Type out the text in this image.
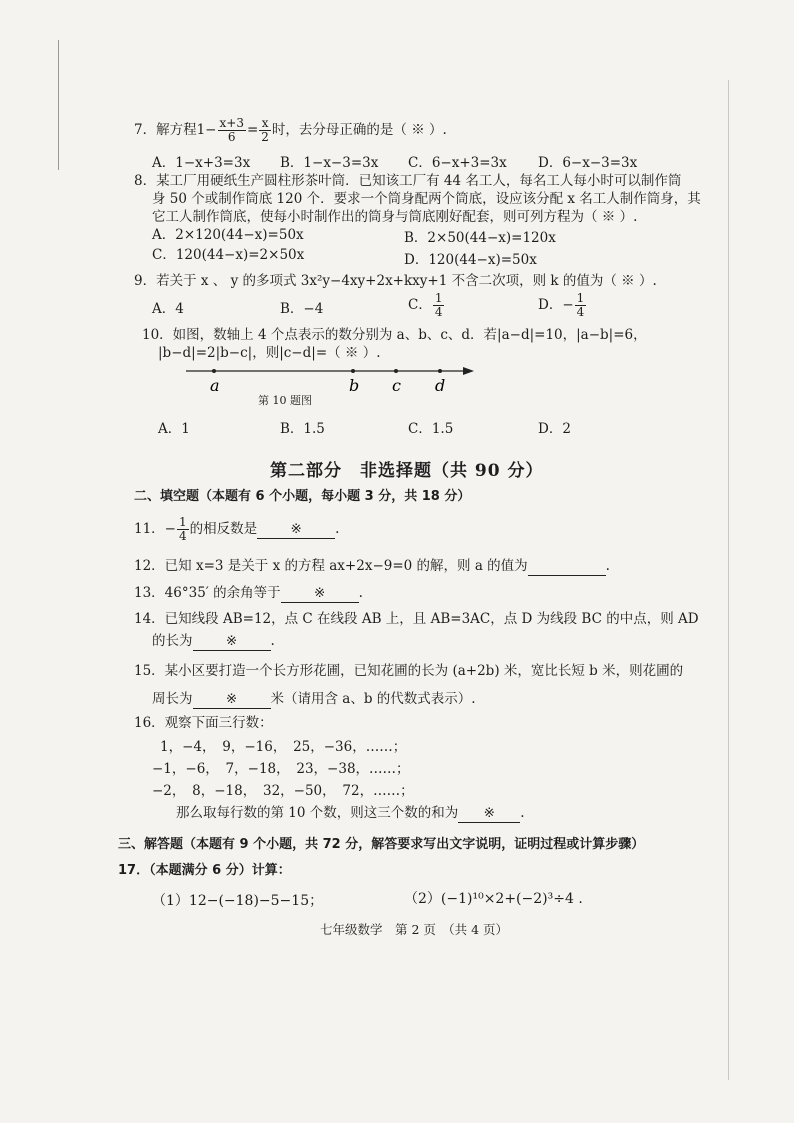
7．解方程$1- \frac{x+3}{6} = \frac{x}{2}$ 时，去分母正确的是（ ※ ）.
A．1−x+3=3x B．1−x−3=3x C．6−x+3=3x D．6−x−3=3x
8．某工厂用硬纸生产圆柱形茶叶筒．已知该工厂有 44 名工人，每名工人每小时可以制作筒
身 50 个或制作筒底 120 个．要求一个筒身配两个筒底，设应该分配 x 名工人制作筒身，其
它工人制作筒底，使每小时制作出的筒身与筒底刚好配套，则可列方程为（ ※ ）.
A．2×120(44−x)=50x	B．2×50(44−x)=120x
C．120(44−x)=2×50x	D．120(44−x)=50x
9．若关于 x 、 y 的多项式 3x²y−4xy+2x+kxy+1 不含二次项，则 k 的值为（ ※ ）.
A．4	B．−4	C． $\frac{1}{4}$	D．− $\frac{1}{4}$
10．如图，数轴上 4 个点表示的数分别为 a、b、c、d．若|a−d|=10，|a−b|=6，
|b−d|=2|b−c|，则|c−d|=（ ※ ）.
a	b c d
第 10 题图
A．1	B．1.5	C．1.5	D．2
第二部分　非选择题（共 90 分）
二、填空题（本题有 6 个小题，每小题 3 分，共 18 分）
11．− $\frac{1}{4}$ 的相反数是 ※ .
12．已知 x=3 是关于 x 的方程 ax+2x−9=0 的解，则 a 的值为	.
13．46°35′ 的余角等于 ※ .
14．已知线段 AB=12，点 C 在线段 AB 上，且 AB=3AC，点 D 为线段 BC 的中点，则 AD
的长为 ※ .
15．某小区要打造一个长方形花圃，已知花圃的长为 (a+2b) 米，宽比长短 b 米，则花圃的
周长为 ※ 米（请用含 a、b 的代数式表示）.
16．观察下面三行数：
1，−4，　9，−16，　25，−36，……；
−1，−6，　7，−18，　23，−38，……；
−2，　8，−18，　32，−50，　72，……；
那么取每行数的第 10 个数，则这三个数的和为 ※ .
三、解答题（本题有 9 个小题，共 72 分，解答要求写出文字说明，证明过程或计算步骤）
17．（本题满分 6 分）计算：
（1）12−(−18)−5−15；	（2）(−1)¹⁰×2+(−2)³÷4 .
七年级数学　第 2 页　（共 4 页）
